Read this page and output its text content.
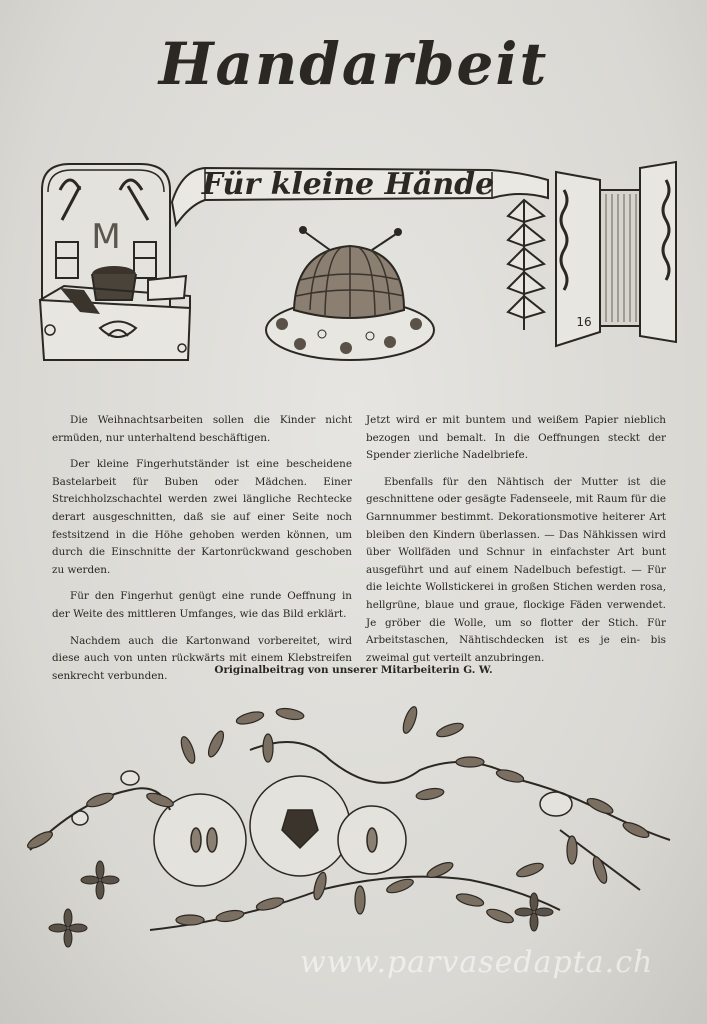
Handarbeit
Für kleine Hände
M
16

Die Weihnachtsarbeiten sollen die Kinder nicht ermüden, nur unterhaltend beschäftigen.

Der kleine Fingerhutständer ist eine bescheidene Bastelarbeit für Buben oder Mädchen. Einer Streichholzschachtel werden zwei längliche Rechtecke derart ausgeschnitten, daß sie auf einer Seite noch festsitzend in die Höhe gehoben werden können, um durch die Einschnitte der Kartonrückwand geschoben zu werden.

Für den Fingerhut genügt eine runde Oeffnung in der Weite des mittleren Umfanges, wie das Bild erklärt.

Nachdem auch die Kartonwand vorbereitet, wird diese auch von unten rückwärts mit einem Klebstreifen senkrecht verbunden.

Jetzt wird er mit buntem und weißem Papier nieblich bezogen und bemalt. In die Oeffnungen steckt der Spender zierliche Nadelbriefe.

Ebenfalls für den Nähtisch der Mutter ist die geschnittene oder gesägte Fadenseele, mit Raum für die Garnnummer bestimmt. Dekorationsmotive heiterer Art bleiben den Kindern überlassen. — Das Nähkissen wird über Wollfäden und Schnur in einfachster Art bunt ausgeführt und auf einem Nadelbuch befestigt. — Für die leichte Wollstickerei in großen Stichen werden rosa, hellgrüne, blaue und graue, flockige Fäden verwendet. Je gröber die Wolle, um so flotter der Stich. Für Arbeitstaschen, Nähtischdecken ist es je ein- bis zweimal gut verteilt anzubringen.

Originalbeitrag von unserer Mitarbeiterin G. W.
www.parvasedapta.ch
